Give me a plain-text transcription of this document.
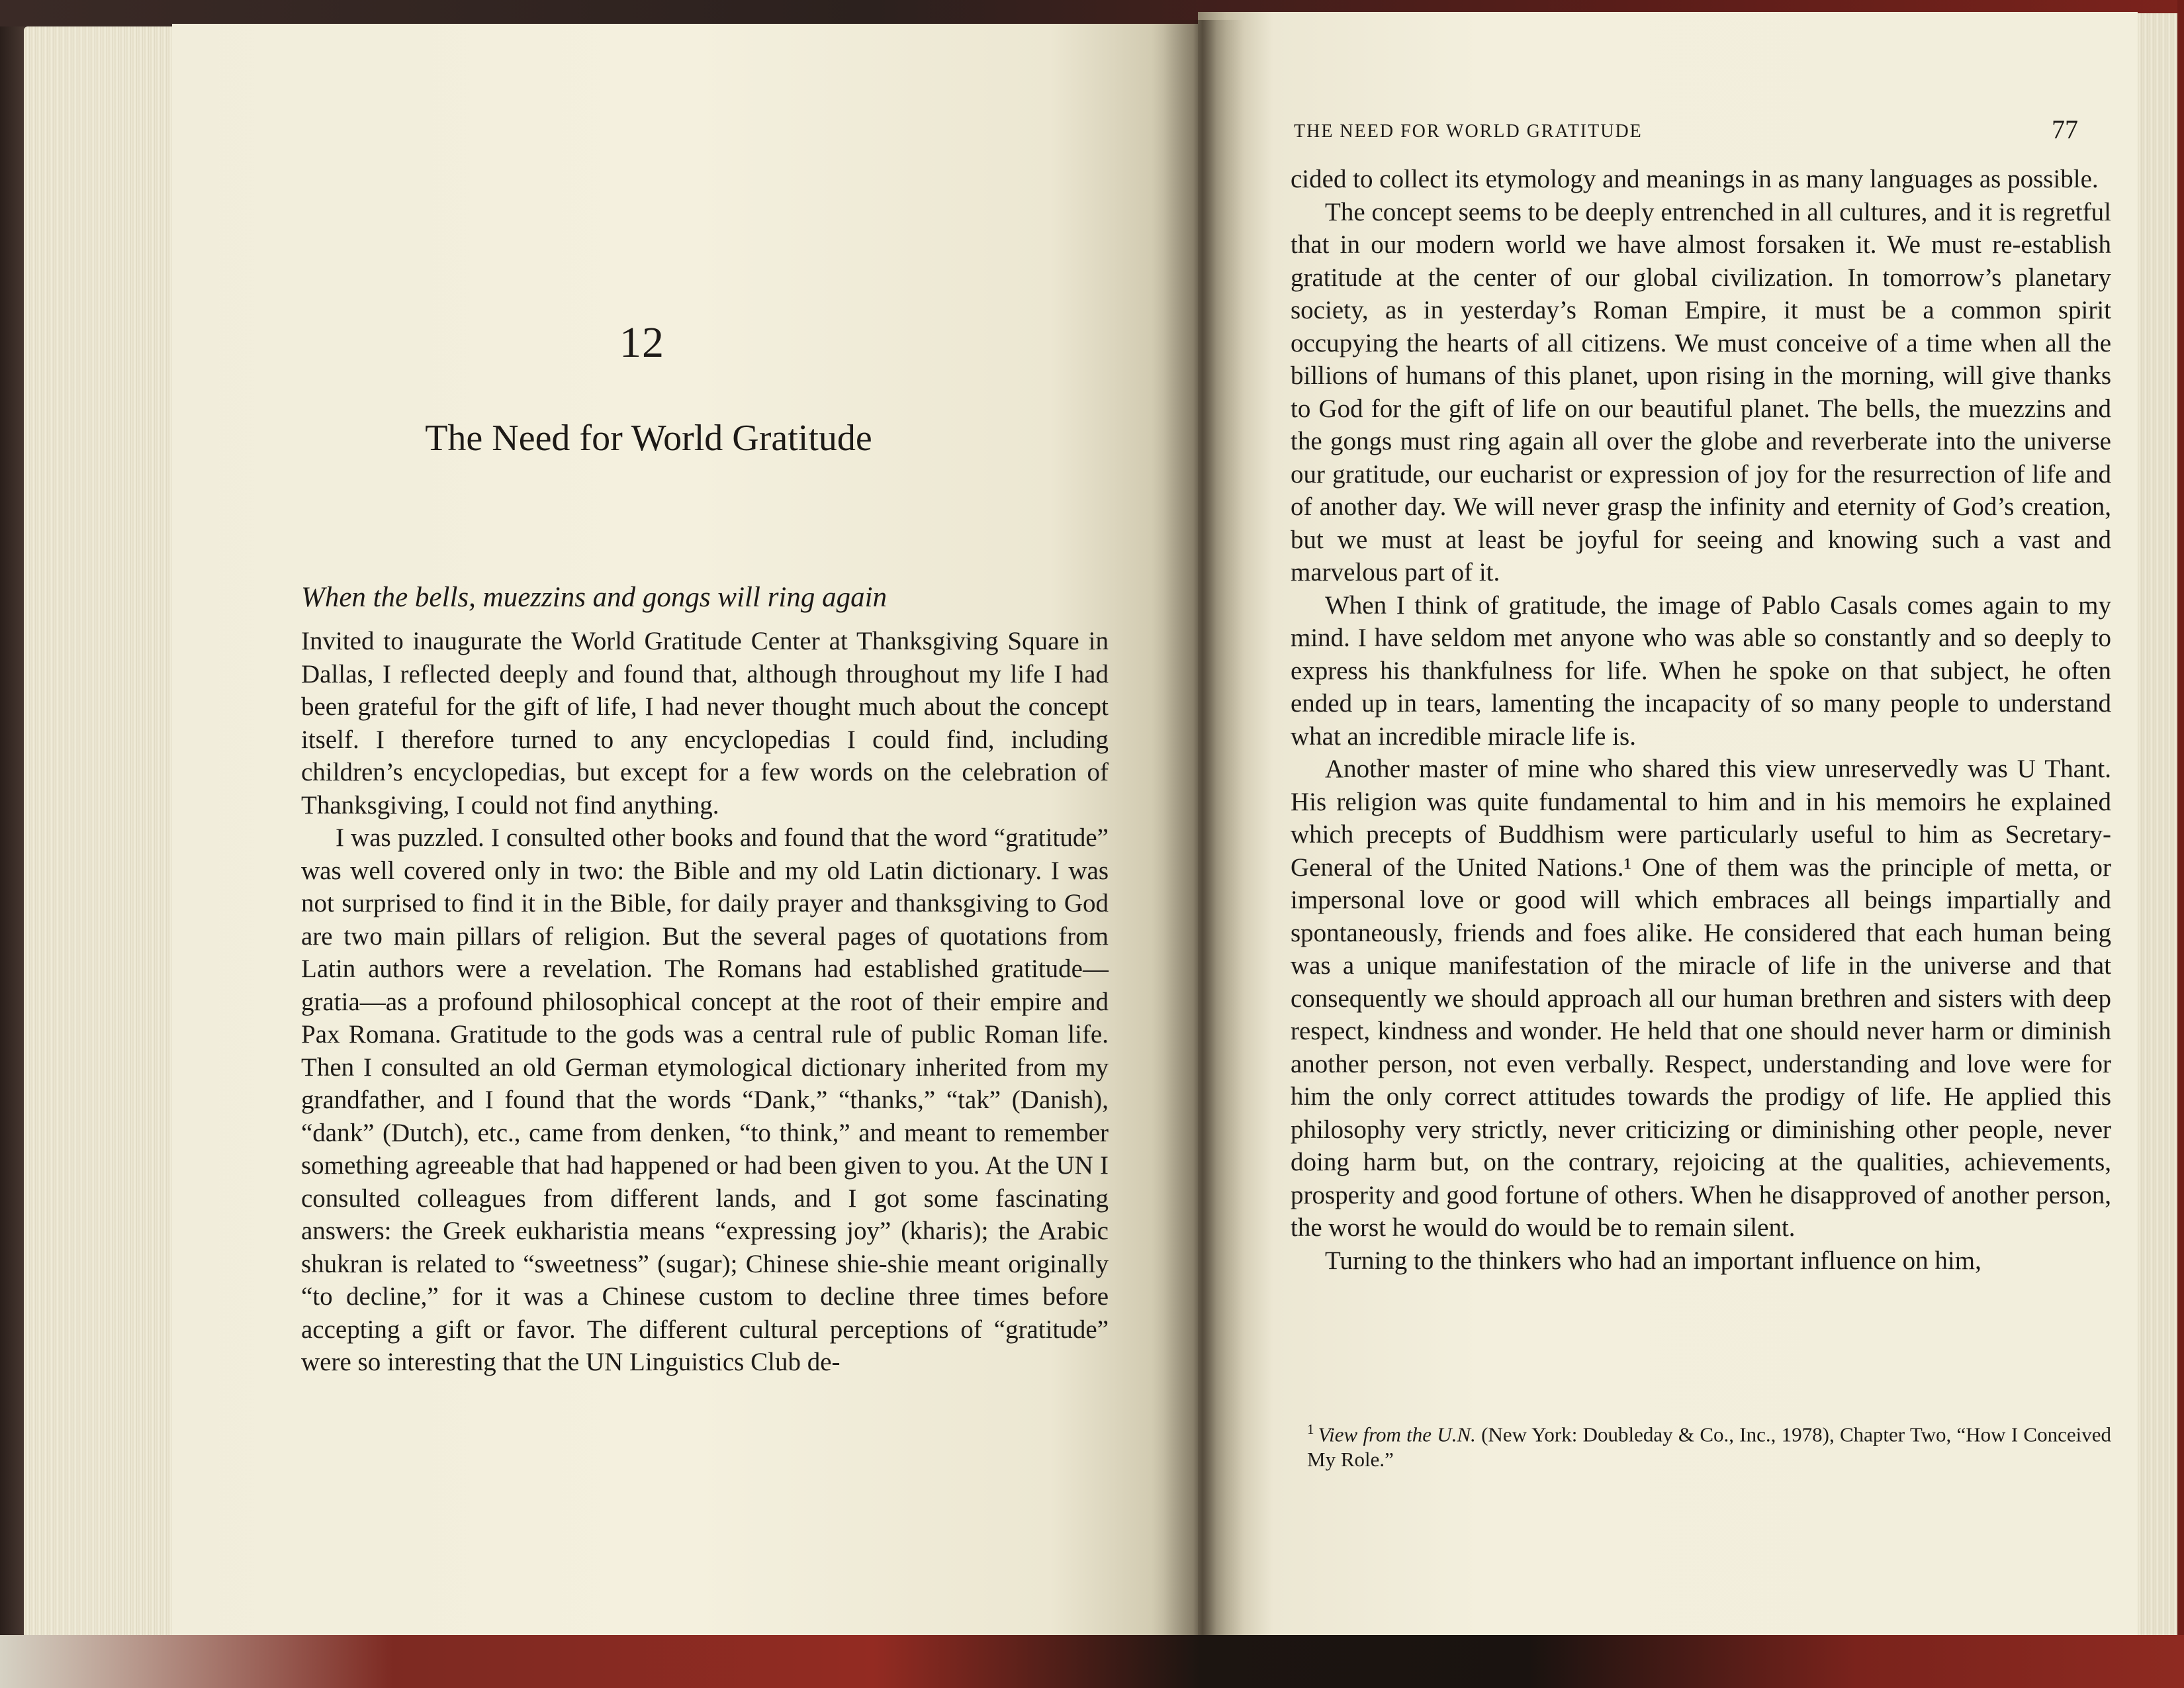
12
The Need for World Gratitude
When the bells, muezzins and gongs will ring again

Invited to inaugurate the World Gratitude Center at Thanksgiving Square in Dallas, I reflected deeply and found that, although throughout my life I had been grateful for the gift of life, I had never thought much about the concept itself. I therefore turned to any encyclopedias I could find, including children’s encyclopedias, but except for a few words on the celebration of Thanksgiving, I could not find anything.

I was puzzled. I consulted other books and found that the word “gratitude” was well covered only in two: the Bible and my old Latin dictionary. I was not surprised to find it in the Bible, for daily prayer and thanksgiving to God are two main pillars of religion. But the several pages of quotations from Latin authors were a revelation. The Romans had established gratitude—gratia—as a profound philosophical concept at the root of their empire and Pax Romana. Gratitude to the gods was a central rule of public Roman life. Then I consulted an old German etymological dictionary inherited from my grandfather, and I found that the words “Dank,” “thanks,” “tak” (Danish), “dank” (Dutch), etc., came from denken, “to think,” and meant to remember something agreeable that had happened or had been given to you. At the UN I consulted colleagues from different lands, and I got some fascinating answers: the Greek eukharistia means “expressing joy” (kharis); the Arabic shukran is related to “sweetness” (sugar); Chinese shie-shie meant originally “to decline,” for it was a Chinese custom to decline three times before accepting a gift or favor. The different cultural perceptions of “gratitude” were so interesting that the UN Linguistics Club de-

THE NEED FOR WORLD GRATITUDE	77

cided to collect its etymology and meanings in as many languages as possible.

The concept seems to be deeply entrenched in all cultures, and it is regretful that in our modern world we have almost forsaken it. We must re-establish gratitude at the center of our global civilization. In tomorrow’s planetary society, as in yesterday’s Roman Empire, it must be a common spirit occupying the hearts of all citizens. We must conceive of a time when all the billions of humans of this planet, upon rising in the morning, will give thanks to God for the gift of life on our beautiful planet. The bells, the muezzins and the gongs must ring again all over the globe and reverberate into the universe our gratitude, our eucharist or expression of joy for the resurrection of life and of another day. We will never grasp the infinity and eternity of God’s creation, but we must at least be joyful for seeing and knowing such a vast and marvelous part of it.

When I think of gratitude, the image of Pablo Casals comes again to my mind. I have seldom met anyone who was able so constantly and so deeply to express his thankfulness for life. When he spoke on that subject, he often ended up in tears, lamenting the incapacity of so many people to understand what an incredible miracle life is.

Another master of mine who shared this view unreservedly was U Thant. His religion was quite fundamental to him and in his memoirs he explained which precepts of Buddhism were particularly useful to him as Secretary-General of the United Nations.¹ One of them was the principle of metta, or impersonal love or good will which embraces all beings impartially and spontaneously, friends and foes alike. He considered that each human being was a unique manifestation of the miracle of life in the universe and that consequently we should approach all our human brethren and sisters with deep respect, kindness and wonder. He held that one should never harm or diminish another person, not even verbally. Respect, understanding and love were for him the only correct attitudes towards the prodigy of life. He applied this philosophy very strictly, never criticizing or diminishing other people, never doing harm but, on the contrary, rejoicing at the qualities, achievements, prosperity and good fortune of others. When he disapproved of another person, the worst he would do would be to remain silent.

Turning to the thinkers who had an important influence on him,

$^1$ View from the U.N. (New York: Doubleday & Co., Inc., 1978), Chapter Two, “How I Conceived My Role.”
